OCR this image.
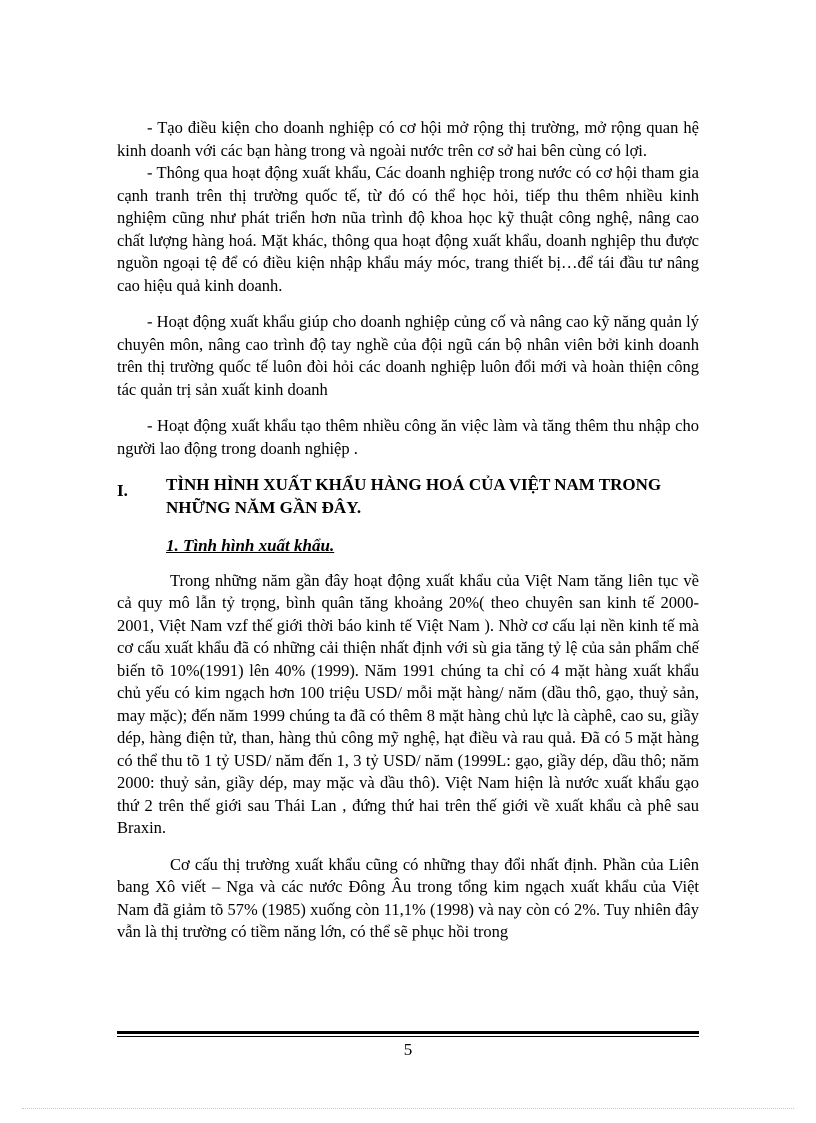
- Tạo điều kiện cho doanh nghiệp có cơ hội mở rộng thị trường, mở rộng quan hệ kinh doanh với các bạn hàng trong và ngoài nước trên cơ sở hai bên cùng có lợi.

- Thông qua hoạt động xuất khẩu, Các doanh nghiệp trong nước có cơ hội tham gia cạnh tranh trên thị trường quốc tế, từ đó có thể học hỏi, tiếp thu thêm nhiều kinh nghiệm cũng như phát triển hơn nũa trình độ khoa học kỹ thuật công nghệ, nâng cao chất lượng hàng hoá. Mặt khác, thông qua hoạt động xuất khẩu, doanh nghịêp thu được nguồn ngoại tệ để có điều kiện nhập khẩu máy móc, trang thiết bị…để tái đầu tư nâng cao hiệu quả kinh doanh.

- Hoạt động xuất khẩu giúp cho doanh nghiệp củng cố và nâng cao kỹ năng quản lý chuyên môn, nâng cao trình độ tay nghề của đội ngũ cán bộ nhân viên bởi kinh doanh trên thị trường quốc tế luôn đòi hỏi các doanh nghiệp luôn đổi mới và hoàn thiện công tác quản trị sản xuất kinh doanh

- Hoạt động xuất khẩu tạo thêm nhiều công ăn việc làm và tăng thêm thu nhập cho người lao động trong doanh nghiệp .

I.	TÌNH HÌNH XUẤT KHẨU HÀNG HOÁ CỦA VIỆT NAM TRONG NHỮNG NĂM GẦN ĐÂY.
1. Tình hình xuất khẩu.

Trong những năm gần đây hoạt động xuất khẩu của Việt Nam tăng liên tục về cả quy mô lẫn tỷ trọng, bình quân tăng khoảng 20%( theo chuyên san kinh tế 2000-2001, Việt Nam vzf thế giới thời báo kinh tế Việt Nam ). Nhờ cơ cấu lại nền kinh tế mà cơ cấu xuất khẩu đã có những cải thiện nhất định với sù gia tăng tỷ lệ của sản phẩm chế biến tõ 10%(1991) lên 40% (1999). Năm 1991 chúng ta chỉ có 4 mặt hàng xuất khẩu chủ yếu có kim ngạch hơn 100 triệu USD/ mỗi mặt hàng/ năm (dầu thô, gạo, thuỷ sản, may mặc); đến năm 1999 chúng ta đã có thêm 8 mặt hàng chủ lực là càphê, cao su, giầy dép, hàng điện tử, than, hàng thủ công mỹ nghệ, hạt điều và rau quả. Đã có 5 mặt hàng có thể thu tõ 1 tỷ USD/ năm đến 1, 3 tỷ USD/ năm (1999L: gạo, giầy dép, dầu thô; năm 2000: thuỷ sản, giầy dép, may mặc và dầu thô). Việt Nam hiện là nước xuất khẩu gạo thứ 2 trên thế giới sau Thái Lan , đứng thứ hai trên thế giới về xuất khẩu cà phê sau Braxin.

Cơ cấu thị trường xuất khẩu cũng có những thay đổi nhất định. Phần của Liên bang Xô viết – Nga và các nước Đông Âu trong tổng kim ngạch xuất khẩu của Việt Nam đã giảm tõ 57% (1985) xuống còn 11,1% (1998) và nay còn có 2%. Tuy nhiên đây vẫn là thị trường có tiềm năng lớn, có thể sẽ phục hồi trong

5
